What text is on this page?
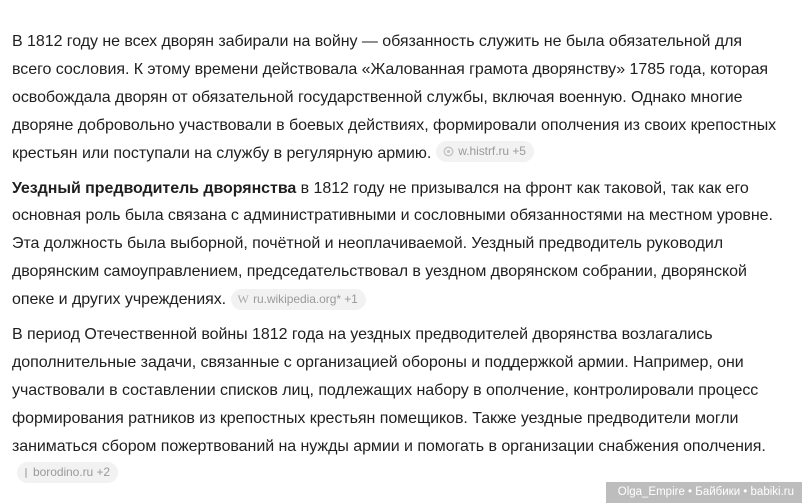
В 1812 году не всех дворян забирали на войну — обязанность служить не была обязательной для всего сословия. К этому времени действовала «Жалованная грамота дворянству» 1785 года, которая освобождала дворян от обязательной государственной службы, включая военную. Однако многие дворяне добровольно участвовали в боевых действиях, формировали ополчения из своих крепостных крестьян или поступали на службу в регулярную армию. w.histrf.ru +5

Уездный предводитель дворянства в 1812 году не призывался на фронт как таковой, так как его основная роль была связана с административными и сословными обязанностями на местном уровне. Эта должность была выборной, почётной и неоплачиваемой. Уездный предводитель руководил дворянским самоуправлением, председательствовал в уездном дворянском собрании, дворянской опеке и других учреждениях. W ru.wikipedia.org* +1

В период Отечественной войны 1812 года на уездных предводителей дворянства возлагались дополнительные задачи, связанные с организацией обороны и поддержкой армии. Например, они участвовали в составлении списков лиц, подлежащих набору в ополчение, контролировали процесс формирования ратников из крепостных крестьян помещиков. Также уездные предводители могли заниматься сбором пожертвований на нужды армии и помогать в организации снабжения ополчения.
borodino.ru +2

Olga_Empire • Байбики • babiki.ru
